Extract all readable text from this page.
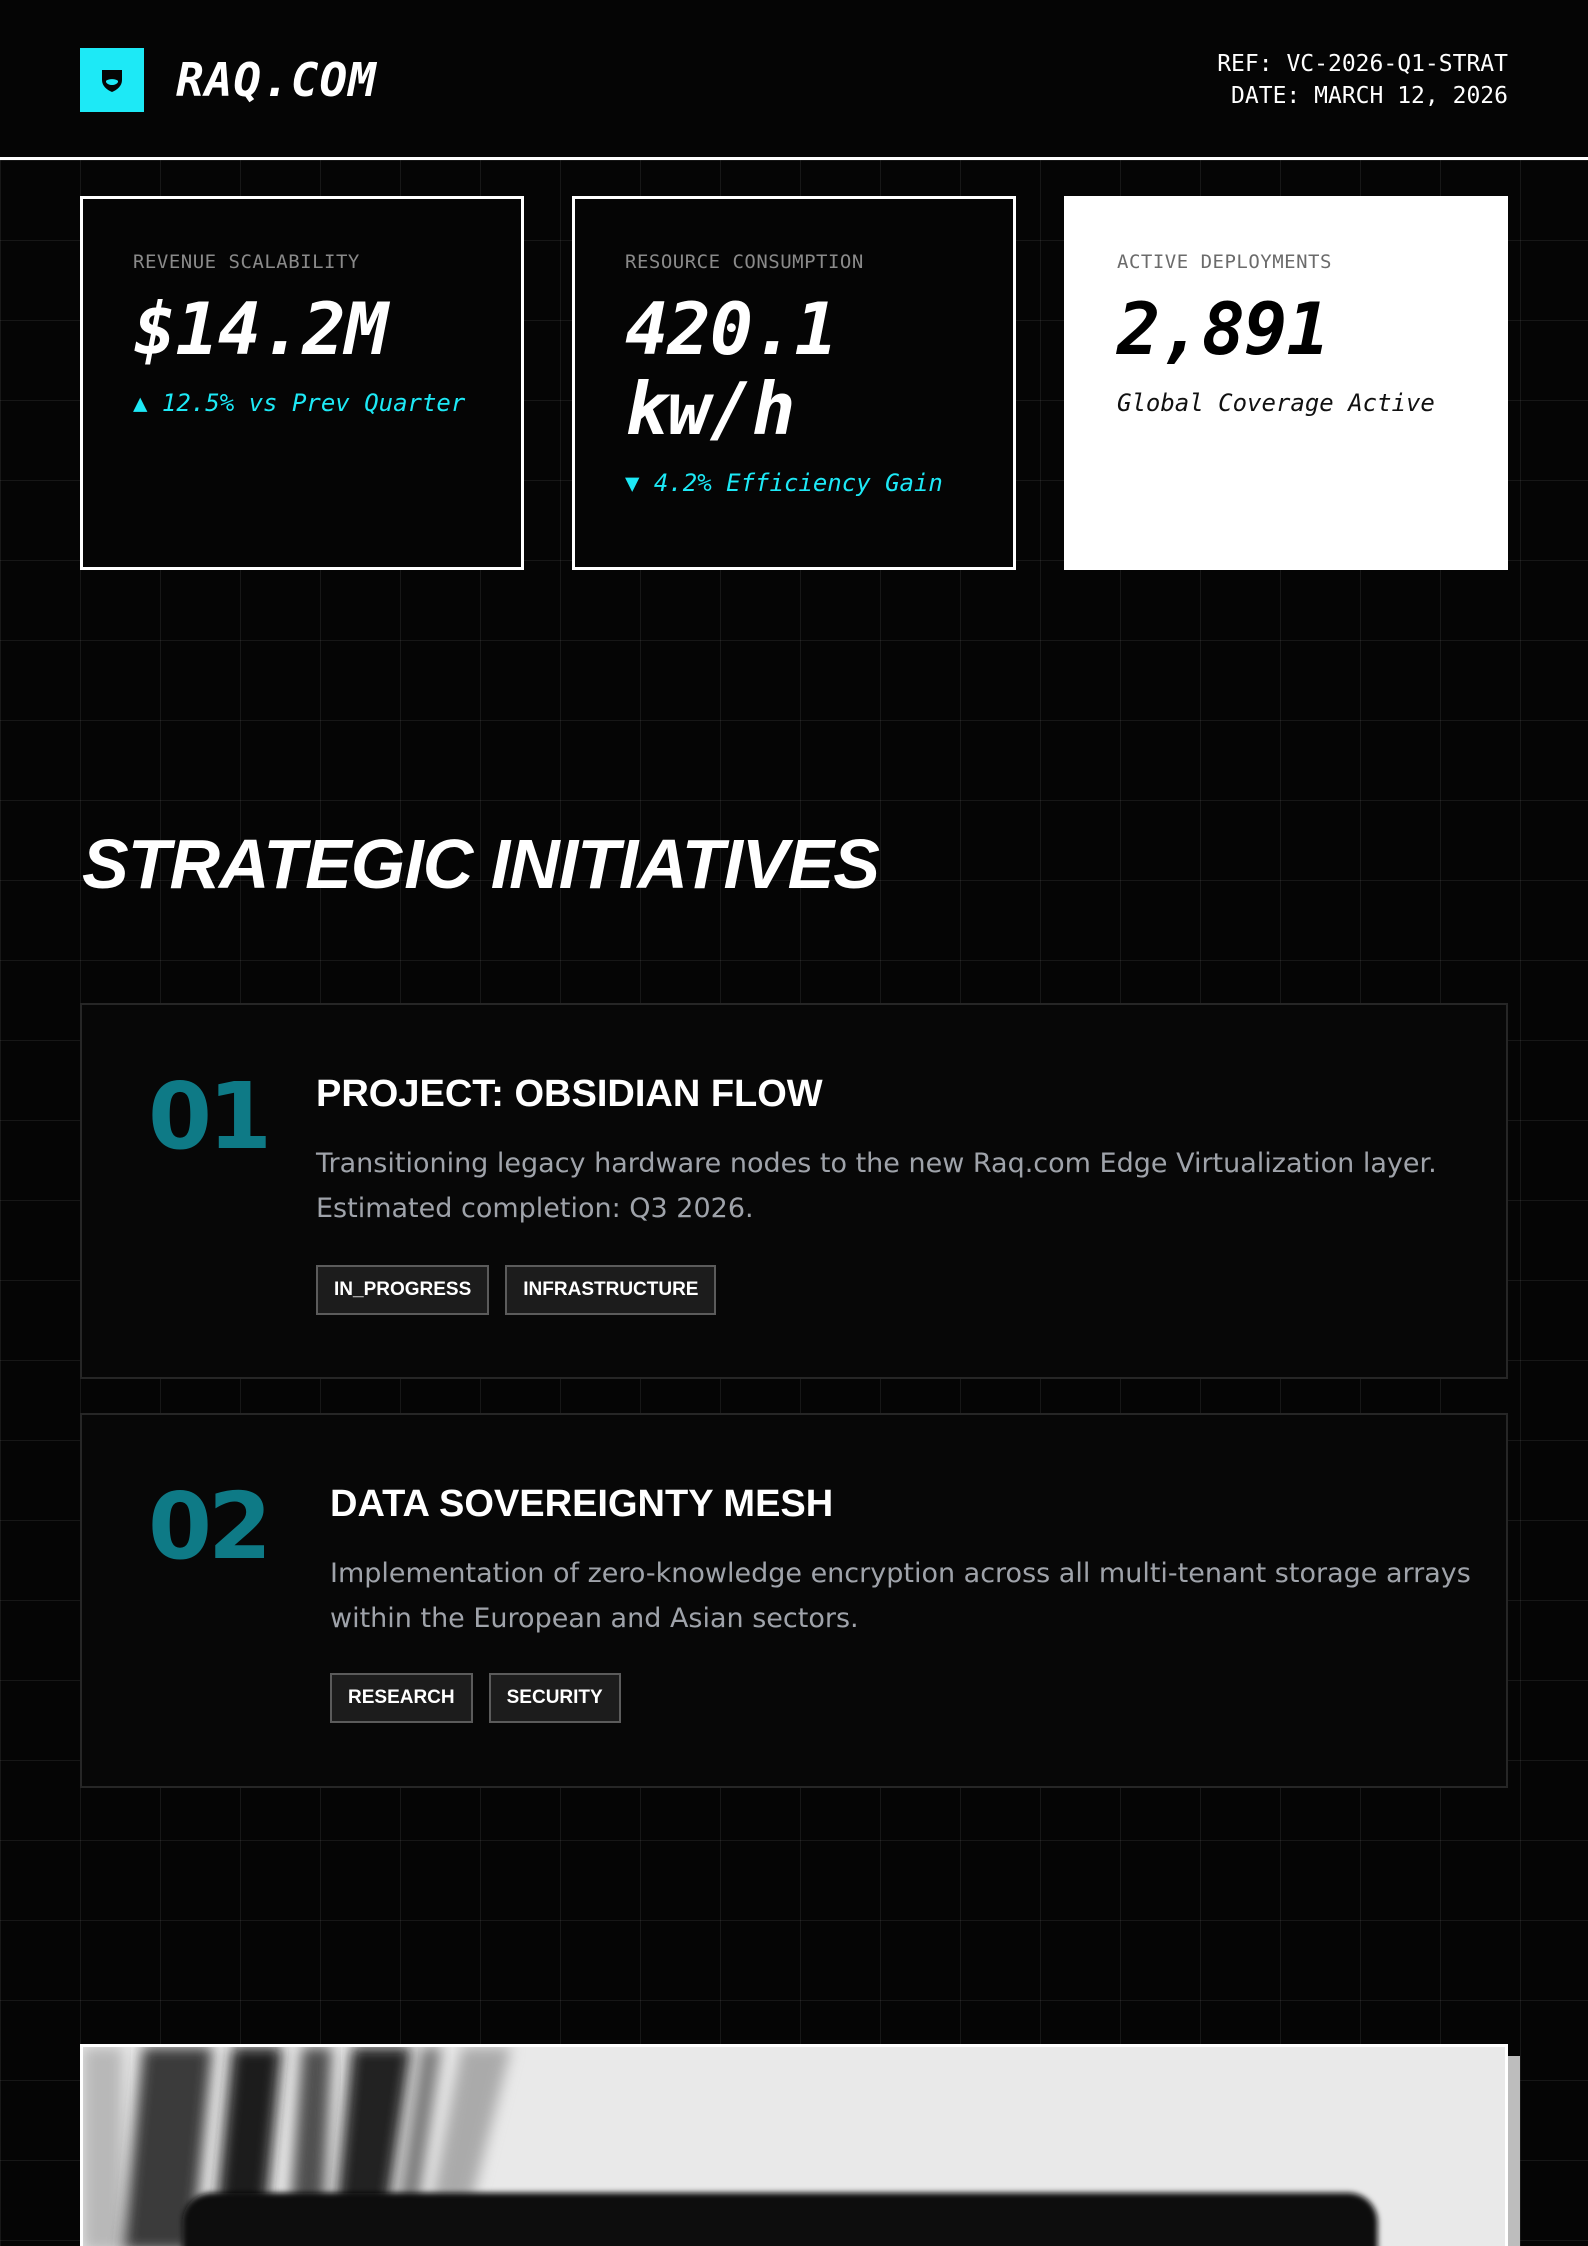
RAQ.COM	REF: VC-2026-Q1-STRAT
DATE: MARCH 12, 2026
REVENUE SCALABILITY
$14.2M
▲ 12.5% vs Prev Quarter
RESOURCE CONSUMPTION
420.1 kw/h
▼ 4.2% Efficiency Gain
ACTIVE DEPLOYMENTS
2,891
Global Coverage Active
STRATEGIC INITIATIVES
01 PROJECT: OBSIDIAN FLOW
Transitioning legacy hardware nodes to the new Raq.com Edge Virtualization layer. Estimated completion: Q3 2026.
IN_PROGRESS	INFRASTRUCTURE
02 DATA SOVEREIGNTY MESH
Implementation of zero-knowledge encryption across all multi-tenant storage arrays within the European and Asian sectors.
RESEARCH	SECURITY
